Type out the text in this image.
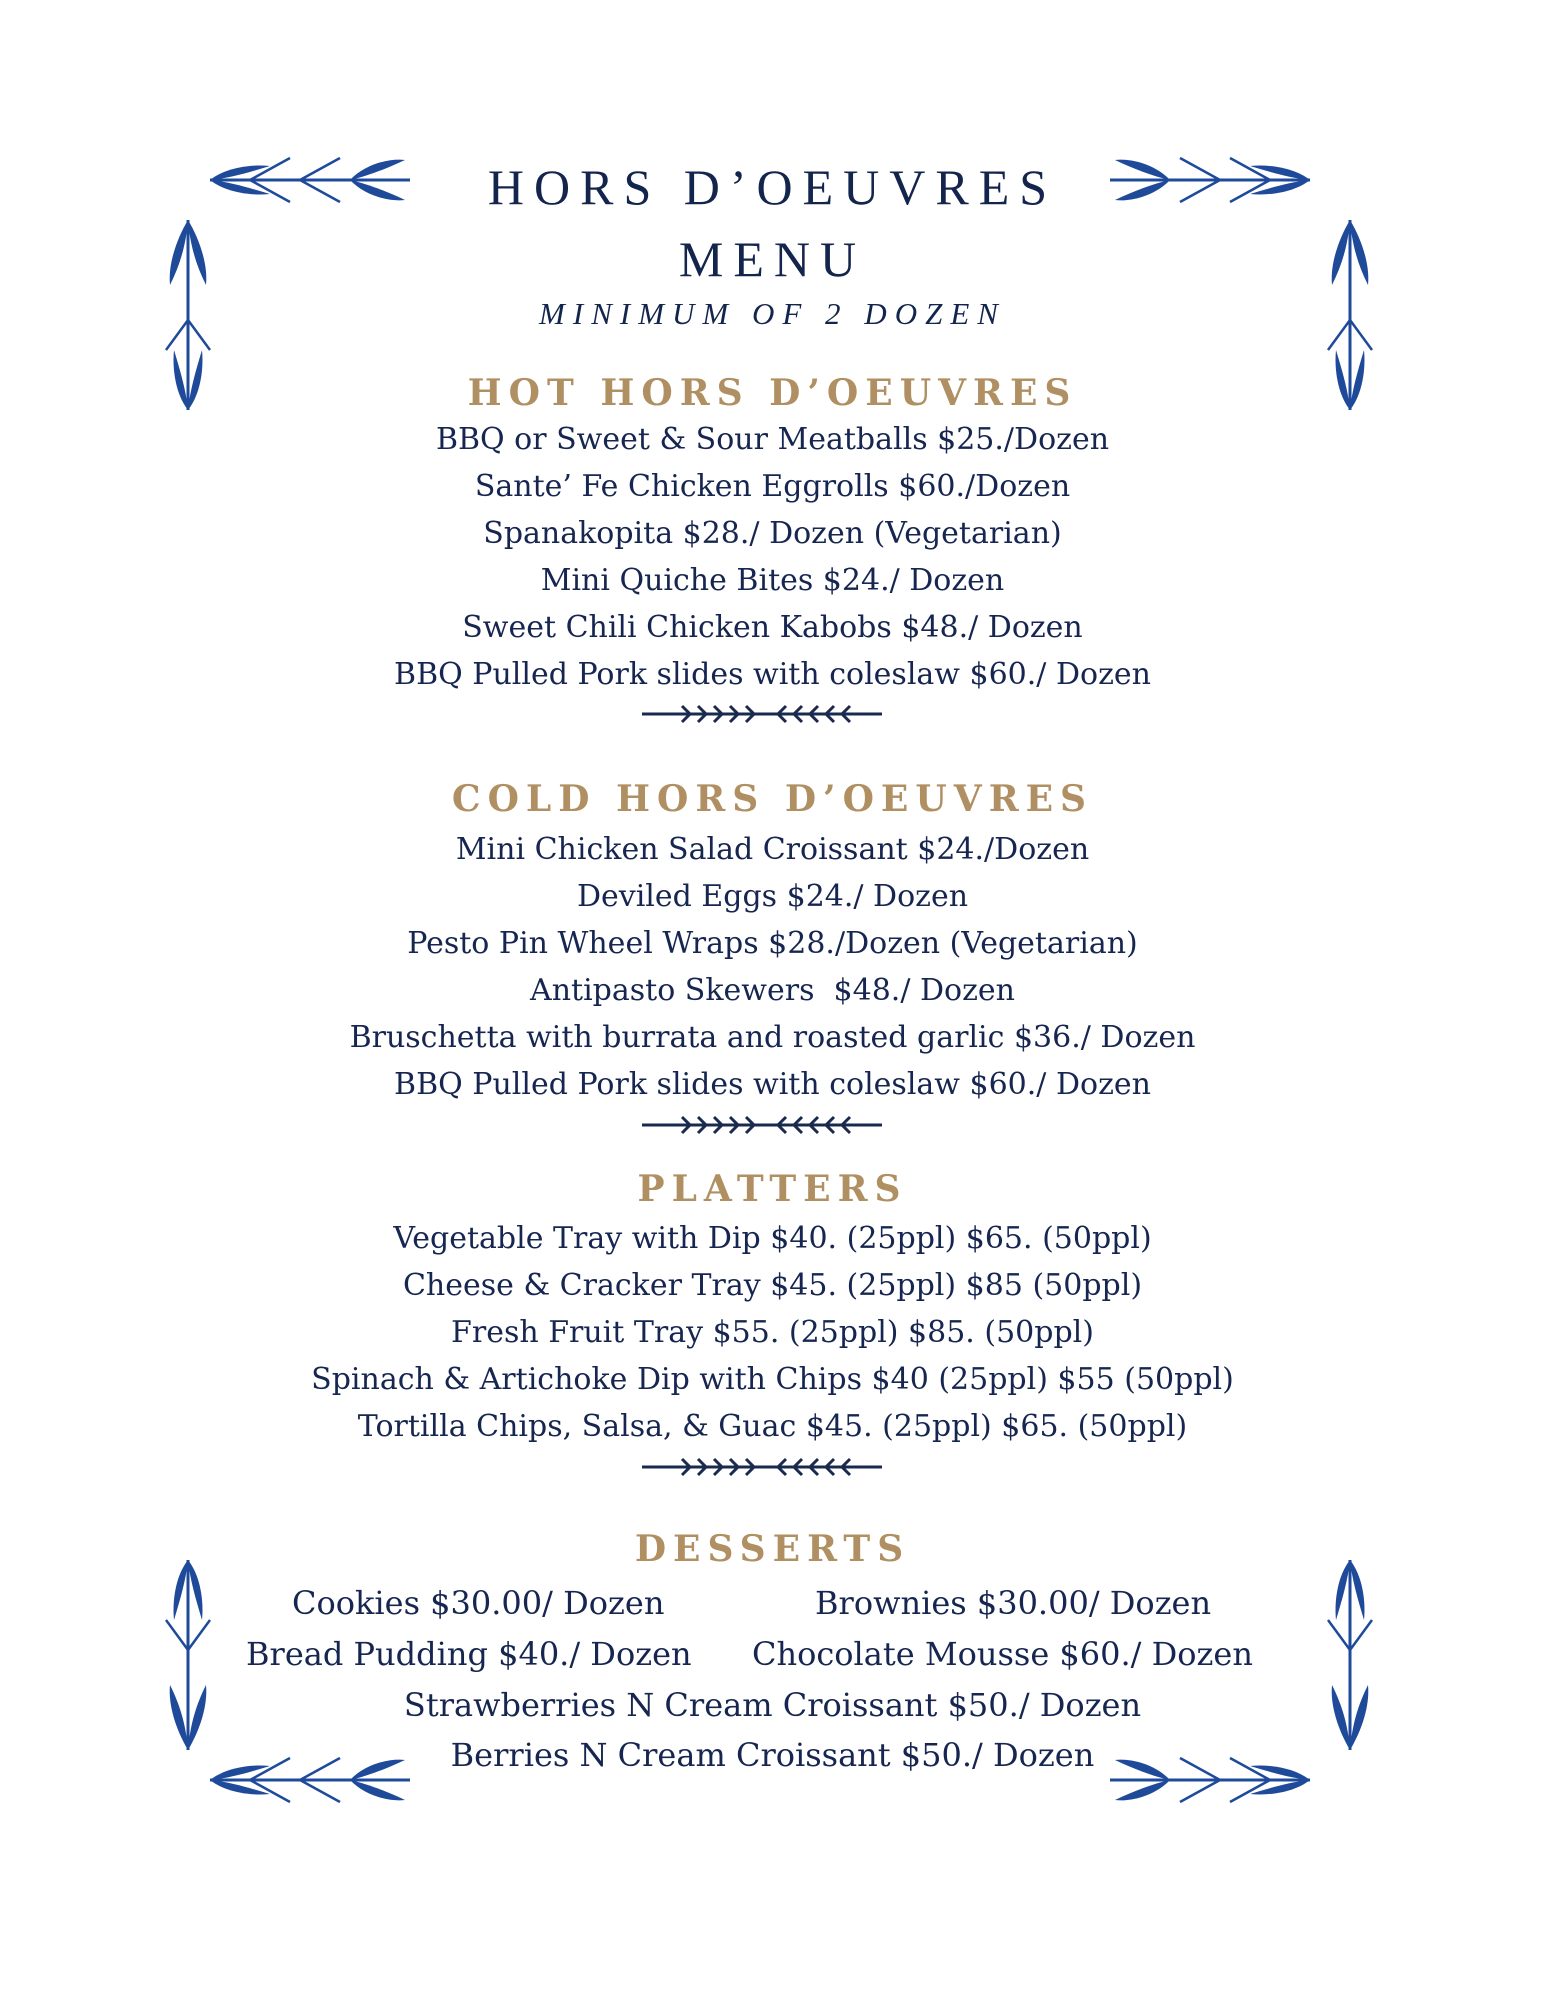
HORS D’OEUVRES
MENU
MINIMUM OF 2 DOZEN
HOT HORS D’OEUVRES
BBQ or Sweet & Sour Meatballs $25./Dozen
Sante’ Fe Chicken Eggrolls $60./Dozen
Spanakopita $28./ Dozen (Vegetarian)
Mini Quiche Bites $24./ Dozen
Sweet Chili Chicken Kabobs $48./ Dozen
BBQ Pulled Pork slides with coleslaw $60./ Dozen
COLD HORS D’OEUVRES
Mini Chicken Salad Croissant $24./Dozen
Deviled Eggs $24./ Dozen
Pesto Pin Wheel Wraps $28./Dozen (Vegetarian)
Antipasto Skewers  $48./ Dozen
Bruschetta with burrata and roasted garlic $36./ Dozen
BBQ Pulled Pork slides with coleslaw $60./ Dozen
PLATTERS
Vegetable Tray with Dip $40. (25ppl) $65. (50ppl)
Cheese & Cracker Tray $45. (25ppl) $85 (50ppl)
Fresh Fruit Tray $55. (25ppl) $85. (50ppl)
Spinach & Artichoke Dip with Chips $40 (25ppl) $55 (50ppl)
Tortilla Chips, Salsa, & Guac $45. (25ppl) $65. (50ppl)
DESSERTS
Cookies $30.00/ Dozen	Brownies $30.00/ Dozen
Bread Pudding $40./ Dozen Chocolate Mousse $60./ Dozen
Strawberries N Cream Croissant $50./ Dozen
Berries N Cream Croissant $50./ Dozen
